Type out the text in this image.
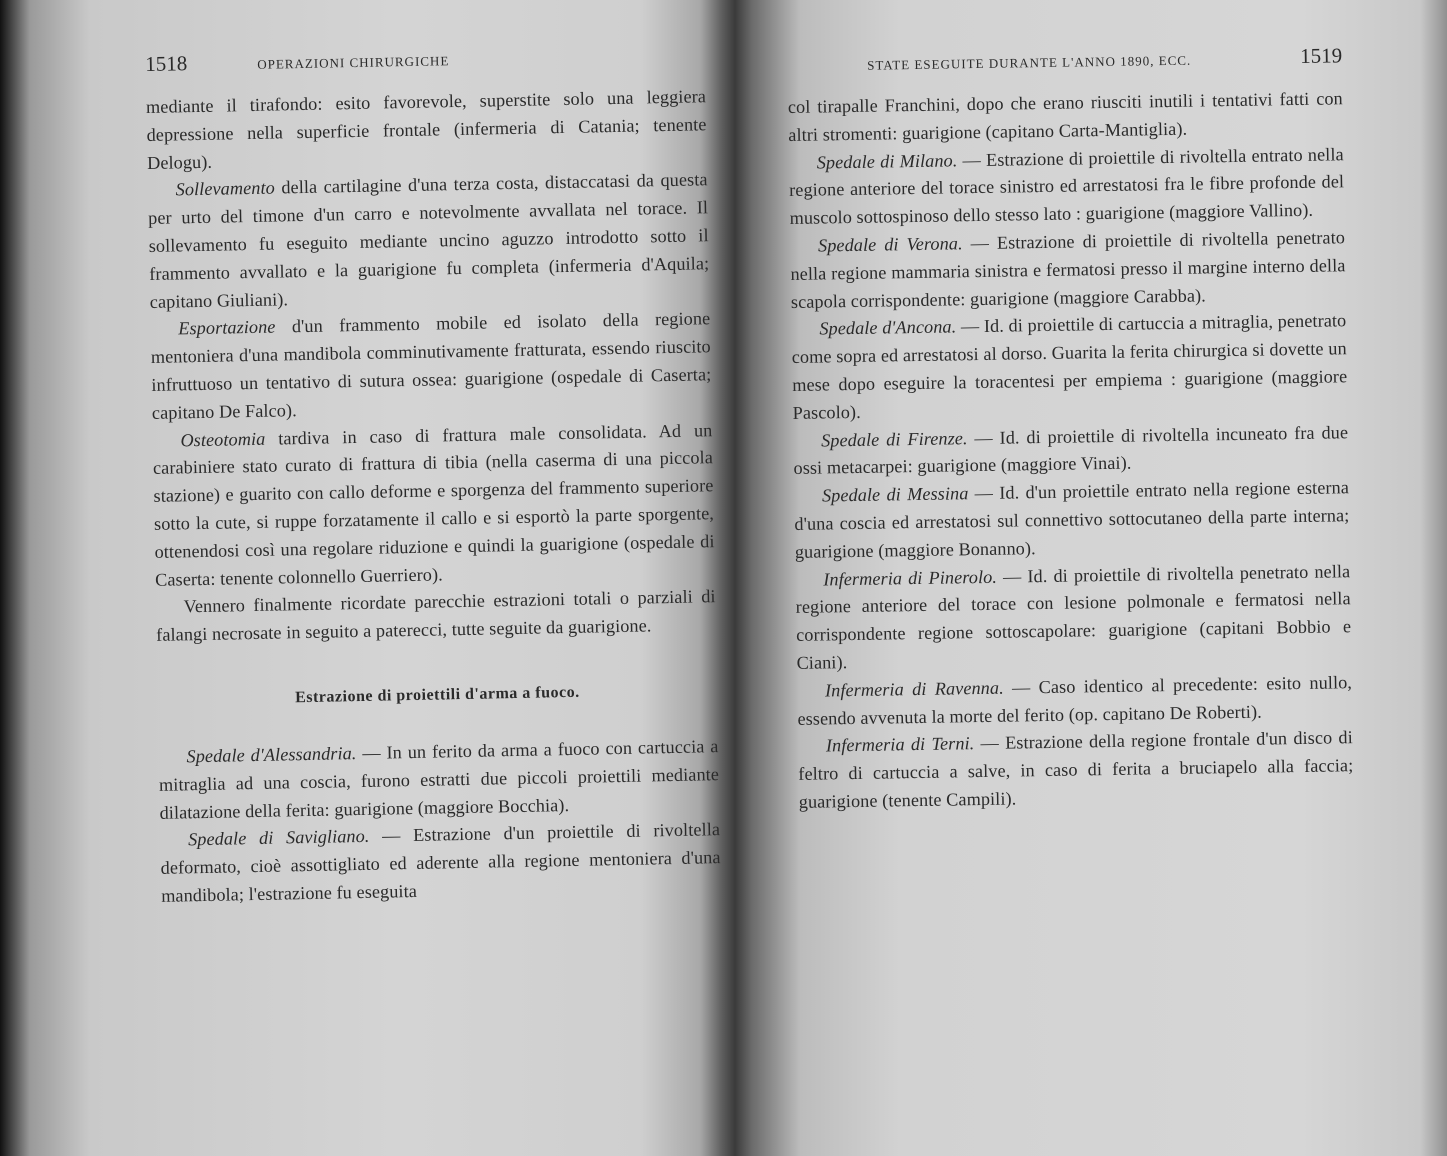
1518	OPERAZIONI CHIRURGICHE

mediante il tirafondo: esito favorevole, superstite solo una leggiera depressione nella superficie frontale (infermeria di Catania; tenente Delogu).

Sollevamento della cartilagine d'una terza costa, distaccatasi da questa per urto del timone d'un carro e notevolmente avvallata nel torace. Il sollevamento fu eseguito mediante uncino aguzzo introdotto sotto il frammento avvallato e la guarigione fu completa (infermeria d'Aquila; capitano Giuliani).

Esportazione d'un frammento mobile ed isolato della regione mentoniera d'una mandibola comminutivamente fratturata, essendo riuscito infruttuoso un tentativo di sutura ossea: guarigione (ospedale di Caserta; capitano De Falco).

Osteotomia tardiva in caso di frattura male consolidata. Ad un carabiniere stato curato di frattura di tibia (nella caserma di una piccola stazione) e guarito con callo deforme e sporgenza del frammento superiore sotto la cute, si ruppe forzatamente il callo e si esportò la parte sporgente, ottenendosi così una regolare riduzione e quindi la guarigione (ospedale di Caserta: tenente colonnello Guerriero).

Vennero finalmente ricordate parecchie estrazioni totali o parziali di falangi necrosate in seguito a paterecci, tutte seguite da guarigione.

Estrazione di proiettili d'arma a fuoco.

Spedale d'Alessandria. — In un ferito da arma a fuoco con cartuccia a mitraglia ad una coscia, furono estratti due piccoli proiettili mediante dilatazione della ferita: guarigione (maggiore Bocchia).

Spedale di Savigliano. — Estrazione d'un proiettile di rivoltella deformato, cioè assottigliato ed aderente alla regione mentoniera d'una mandibola; l'estrazione fu eseguita

STATE ESEGUITE DURANTE L'ANNO 1890, ECC.	1519

col tirapalle Franchini, dopo che erano riusciti inutili i tentativi fatti con altri stromenti: guarigione (capitano Carta-Mantiglia).

Spedale di Milano. — Estrazione di proiettile di rivoltella entrato nella regione anteriore del torace sinistro ed arrestatosi fra le fibre profonde del muscolo sottospinoso dello stesso lato : guarigione (maggiore Vallino).

Spedale di Verona. — Estrazione di proiettile di rivoltella penetrato nella regione mammaria sinistra e fermatosi presso il margine interno della scapola corrispondente: guarigione (maggiore Carabba).

Spedale d'Ancona. — Id. di proiettile di cartuccia a mitraglia, penetrato come sopra ed arrestatosi al dorso. Guarita la ferita chirurgica si dovette un mese dopo eseguire la toracentesi per empiema : guarigione (maggiore Pascolo).

Spedale di Firenze. — Id. di proiettile di rivoltella incuneato fra due ossi metacarpei: guarigione (maggiore Vinai).

Spedale di Messina — Id. d'un proiettile entrato nella regione esterna d'una coscia ed arrestatosi sul connettivo sottocutaneo della parte interna; guarigione (maggiore Bonanno).

Infermeria di Pinerolo. — Id. di proiettile di rivoltella penetrato nella regione anteriore del torace con lesione polmonale e fermatosi nella corrispondente regione sottoscapolare: guarigione (capitani Bobbio e Ciani).

Infermeria di Ravenna. — Caso identico al precedente: esito nullo, essendo avvenuta la morte del ferito (op. capitano De Roberti).

Infermeria di Terni. — Estrazione della regione frontale d'un disco di feltro di cartuccia a salve, in caso di ferita a bruciapelo alla faccia; guarigione (tenente Campili).
